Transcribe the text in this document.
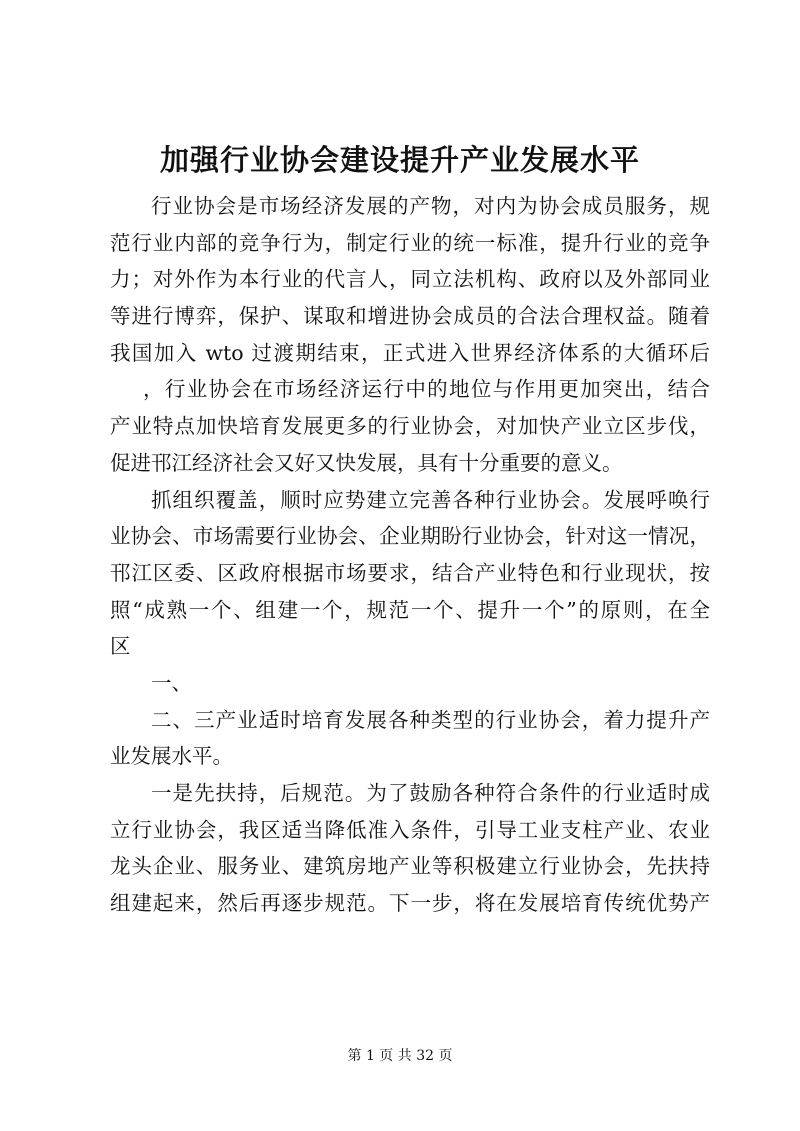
加强行业协会建设提升产业发展水平
行业协会是市场经济发展的产物，对内为协会成员服务，规
范行业内部的竞争行为，制定行业的统一标准，提升行业的竞争
力；对外作为本行业的代言人，同立法机构、政府以及外部同业
等进行博弈，保护、谋取和增进协会成员的合法合理权益。随着
我国加入 wto 过渡期结束，正式进入世界经济体系的大循环后
，行业协会在市场经济运行中的地位与作用更加突出，结合
产业特点加快培育发展更多的行业协会，对加快产业立区步伐，
促进邗江经济社会又好又快发展，具有十分重要的意义。
抓组织覆盖，顺时应势建立完善各种行业协会。发展呼唤行
业协会、市场需要行业协会、企业期盼行业协会，针对这一情况，
邗江区委、区政府根据市场要求，结合产业特色和行业现状，按
照“成熟一个、组建一个，规范一个、提升一个”的原则，在全
区
一、
二、三产业适时培育发展各种类型的行业协会，着力提升产
业发展水平。
一是先扶持，后规范。为了鼓励各种符合条件的行业适时成
立行业协会，我区适当降低准入条件，引导工业支柱产业、农业
龙头企业、服务业、建筑房地产业等积极建立行业协会，先扶持
组建起来，然后再逐步规范。下一步，将在发展培育传统优势产
第 1 页 共 32 页
